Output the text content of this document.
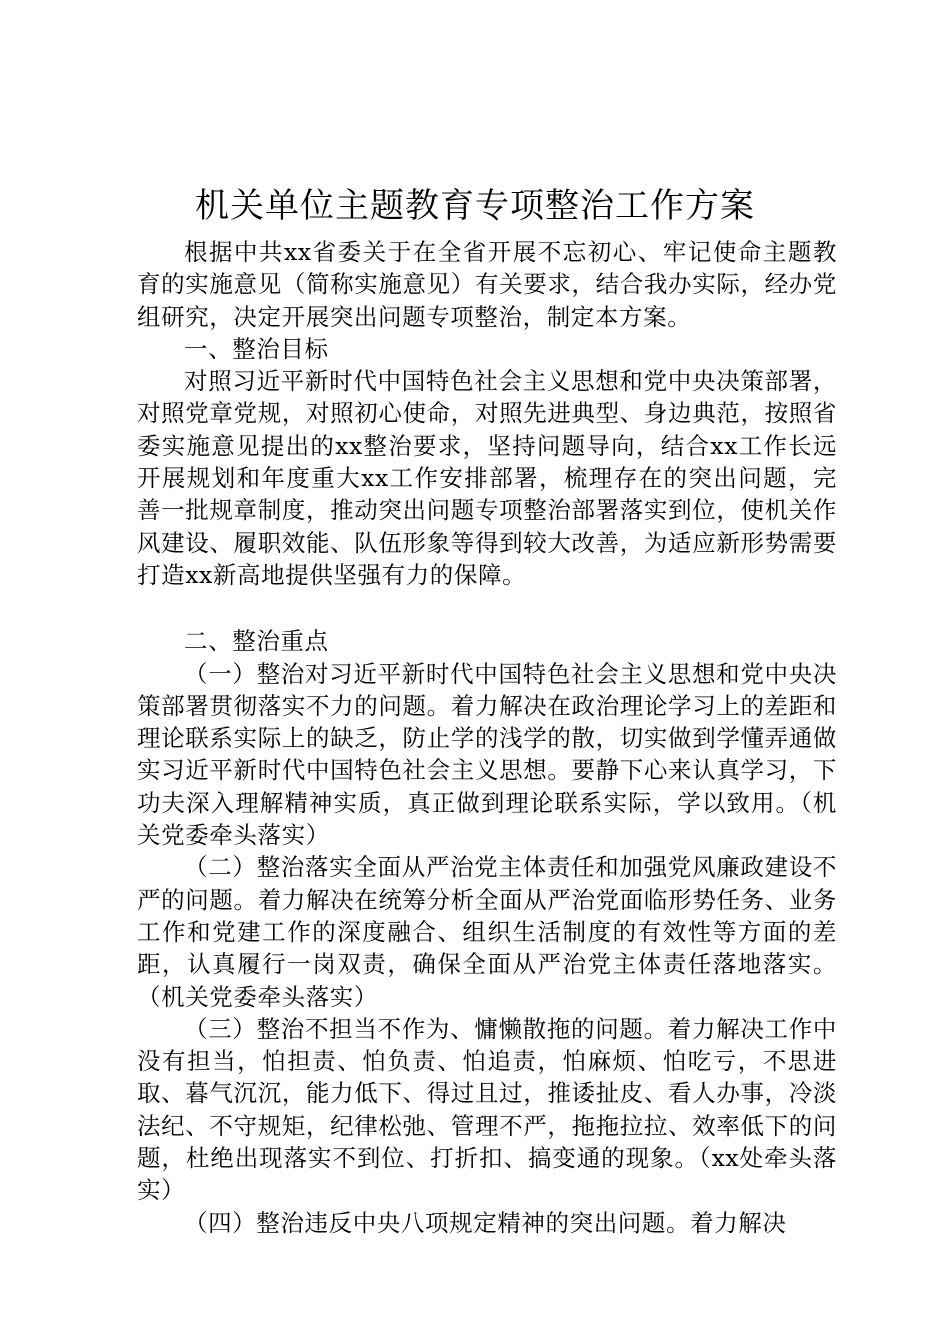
机关单位主题教育专项整治工作方案

根据中共xx省委关于在全省开展不忘初心、牢记使命主题教育的实施意见（简称实施意见）有关要求，结合我办实际，经办党组研究，决定开展突出问题专项整治，制定本方案。

一、整治目标

对照习近平新时代中国特色社会主义思想和党中央决策部署，对照党章党规，对照初心使命，对照先进典型、身边典范，按照省委实施意见提出的xx整治要求，坚持问题导向，结合xx工作长远开展规划和年度重大xx工作安排部署，梳理存在的突出问题，完善一批规章制度，推动突出问题专项整治部署落实到位，使机关作风建设、履职效能、队伍形象等得到较大改善，为适应新形势需要打造xx新高地提供坚强有力的保障。

二、整治重点

（一）整治对习近平新时代中国特色社会主义思想和党中央决策部署贯彻落实不力的问题。着力解决在政治理论学习上的差距和理论联系实际上的缺乏，防止学的浅学的散，切实做到学懂弄通做实习近平新时代中国特色社会主义思想。要静下心来认真学习，下功夫深入理解精神实质，真正做到理论联系实际，学以致用。（机关党委牵头落实）

（二）整治落实全面从严治党主体责任和加强党风廉政建设不严的问题。着力解决在统筹分析全面从严治党面临形势任务、业务工作和党建工作的深度融合、组织生活制度的有效性等方面的差距，认真履行一岗双责，确保全面从严治党主体责任落地落实。（机关党委牵头落实）

（三）整治不担当不作为、慵懒散拖的问题。着力解决工作中没有担当，怕担责、怕负责、怕追责，怕麻烦、怕吃亏，不思进取、暮气沉沉，能力低下、得过且过，推诿扯皮、看人办事，冷淡法纪、不守规矩，纪律松弛、管理不严，拖拖拉拉、效率低下的问题，杜绝出现落实不到位、打折扣、搞变通的现象。（xx处牵头落实）

（四）整治违反中央八项规定精神的突出问题。着力解决
